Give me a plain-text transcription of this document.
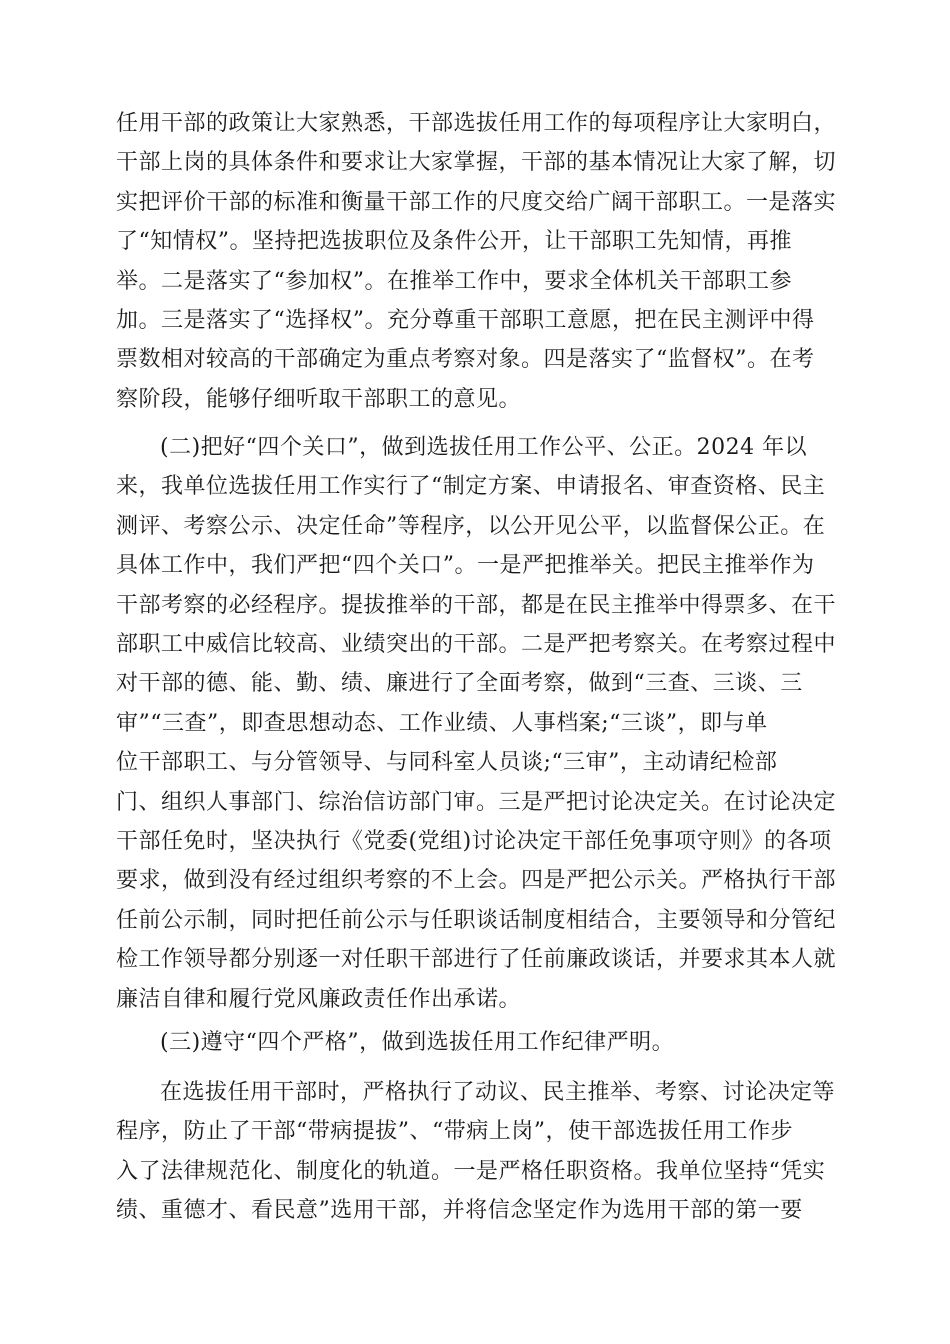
任用干部的政策让大家熟悉，干部选拔任用工作的每项程序让大家明白，
干部上岗的具体条件和要求让大家掌握，干部的基本情况让大家了解，切
实把评价干部的标准和衡量干部工作的尺度交给广阔干部职工。一是落实
了“知情权”。坚持把选拔职位及条件公开，让干部职工先知情，再推
举。二是落实了“参加权”。在推举工作中，要求全体机关干部职工参
加。三是落实了“选择权”。充分尊重干部职工意愿，把在民主测评中得
票数相对较高的干部确定为重点考察对象。四是落实了“监督权”。在考
察阶段，能够仔细听取干部职工的意见。

(二)把好“四个关口”，做到选拔任用工作公平、公正。2024 年以
来，我单位选拔任用工作实行了“制定方案、申请报名、审查资格、民主
测评、考察公示、决定任命”等程序，以公开见公平，以监督保公正。在
具体工作中，我们严把“四个关口”。一是严把推举关。把民主推举作为
干部考察的必经程序。提拔推举的干部，都是在民主推举中得票多、在干
部职工中威信比较高、业绩突出的干部。二是严把考察关。在考察过程中
对干部的德、能、勤、绩、廉进行了全面考察，做到“三查、三谈、三
审”“三查”，即查思想动态、工作业绩、人事档案;“三谈”，即与单
位干部职工、与分管领导、与同科室人员谈;“三审”，主动请纪检部
门、组织人事部门、综治信访部门审。三是严把讨论决定关。在讨论决定
干部任免时，坚决执行《党委(党组)讨论决定干部任免事项守则》的各项
要求，做到没有经过组织考察的不上会。四是严把公示关。严格执行干部
任前公示制，同时把任前公示与任职谈话制度相结合，主要领导和分管纪
检工作领导都分别逐一对任职干部进行了任前廉政谈话，并要求其本人就
廉洁自律和履行党风廉政责任作出承诺。

(三)遵守“四个严格”，做到选拔任用工作纪律严明。

在选拔任用干部时，严格执行了动议、民主推举、考察、讨论决定等
程序，防止了干部“带病提拔”、“带病上岗”，使干部选拔任用工作步
入了法律规范化、制度化的轨道。一是严格任职资格。我单位坚持“凭实
绩、重德才、看民意”选用干部，并将信念坚定作为选用干部的第一要
